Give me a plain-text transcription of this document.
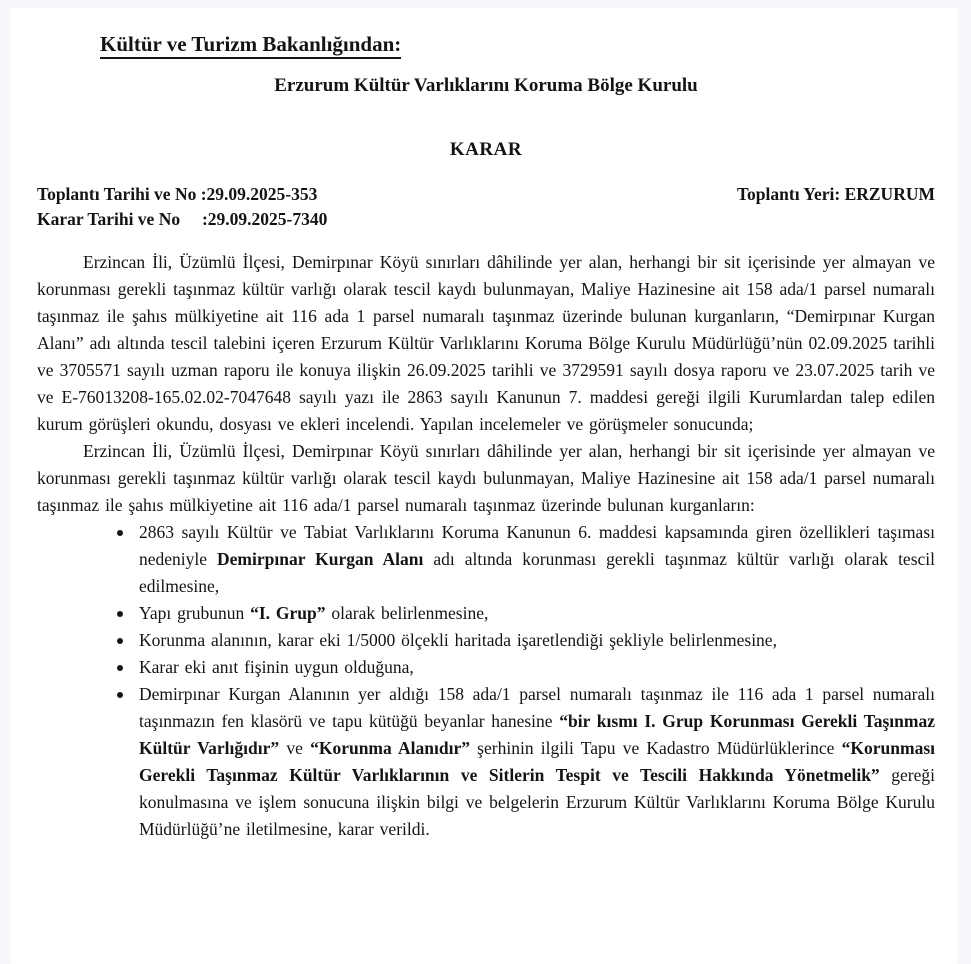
Kültür ve Turizm Bakanlığından:
Erzurum Kültür Varlıklarını Koruma Bölge Kurulu
KARAR
Toplantı Tarihi ve No :29.09.2025-353
Karar Tarihi ve No     :29.09.2025-7340
Toplantı Yeri: ERZURUM

Erzincan İli, Üzümlü İlçesi, Demirpınar Köyü sınırları dâhilinde yer alan, herhangi bir sit içerisinde yer almayan ve korunması gerekli taşınmaz kültür varlığı olarak tescil kaydı bulunmayan, Maliye Hazinesine ait 158 ada/1 parsel numaralı taşınmaz ile şahıs mülkiyetine ait 116 ada 1 parsel numaralı taşınmaz üzerinde bulunan kurganların, “Demirpınar Kurgan Alanı” adı altında tescil talebini içeren Erzurum Kültür Varlıklarını Koruma Bölge Kurulu Müdürlüğü’nün 02.09.2025 tarihli ve 3705571 sayılı uzman raporu ile konuya ilişkin 26.09.2025 tarihli ve 3729591 sayılı dosya raporu ve 23.07.2025 tarih ve ve E-76013208-165.02.02-7047648 sayılı yazı ile 2863 sayılı Kanunun 7. maddesi gereği ilgili Kurumlardan talep edilen kurum görüşleri okundu, dosyası ve ekleri incelendi. Yapılan incelemeler ve görüşmeler sonucunda;

Erzincan İli, Üzümlü İlçesi, Demirpınar Köyü sınırları dâhilinde yer alan, herhangi bir sit içerisinde yer almayan ve korunması gerekli taşınmaz kültür varlığı olarak tescil kaydı bulunmayan, Maliye Hazinesine ait 158 ada/1 parsel numaralı taşınmaz ile şahıs mülkiyetine ait 116 ada/1 parsel numaralı taşınmaz üzerinde bulunan kurganların:

2863 sayılı Kültür ve Tabiat Varlıklarını Koruma Kanunun 6. maddesi kapsamında giren özellikleri taşıması nedeniyle Demirpınar Kurgan Alanı adı altında korunması gerekli taşınmaz kültür varlığı olarak tescil edilmesine,
Yapı grubunun “I. Grup” olarak belirlenmesine,
Korunma alanının, karar eki 1/5000 ölçekli haritada işaretlendiği şekliyle belirlenmesine,
Karar eki anıt fişinin uygun olduğuna,
Demirpınar Kurgan Alanının yer aldığı 158 ada/1 parsel numaralı taşınmaz ile 116 ada 1 parsel numaralı taşınmazın fen klasörü ve tapu kütüğü beyanlar hanesine “bir kısmı I. Grup Korunması Gerekli Taşınmaz Kültür Varlığıdır” ve “Korunma Alanıdır” şerhinin ilgili Tapu ve Kadastro Müdürlüklerince “Korunması Gerekli Taşınmaz Kültür Varlıklarının ve Sitlerin Tespit ve Tescili Hakkında Yönetmelik” gereği konulmasına ve işlem sonucuna ilişkin bilgi ve belgelerin Erzurum Kültür Varlıklarını Koruma Bölge Kurulu Müdürlüğü’ne iletilmesine, karar verildi.
